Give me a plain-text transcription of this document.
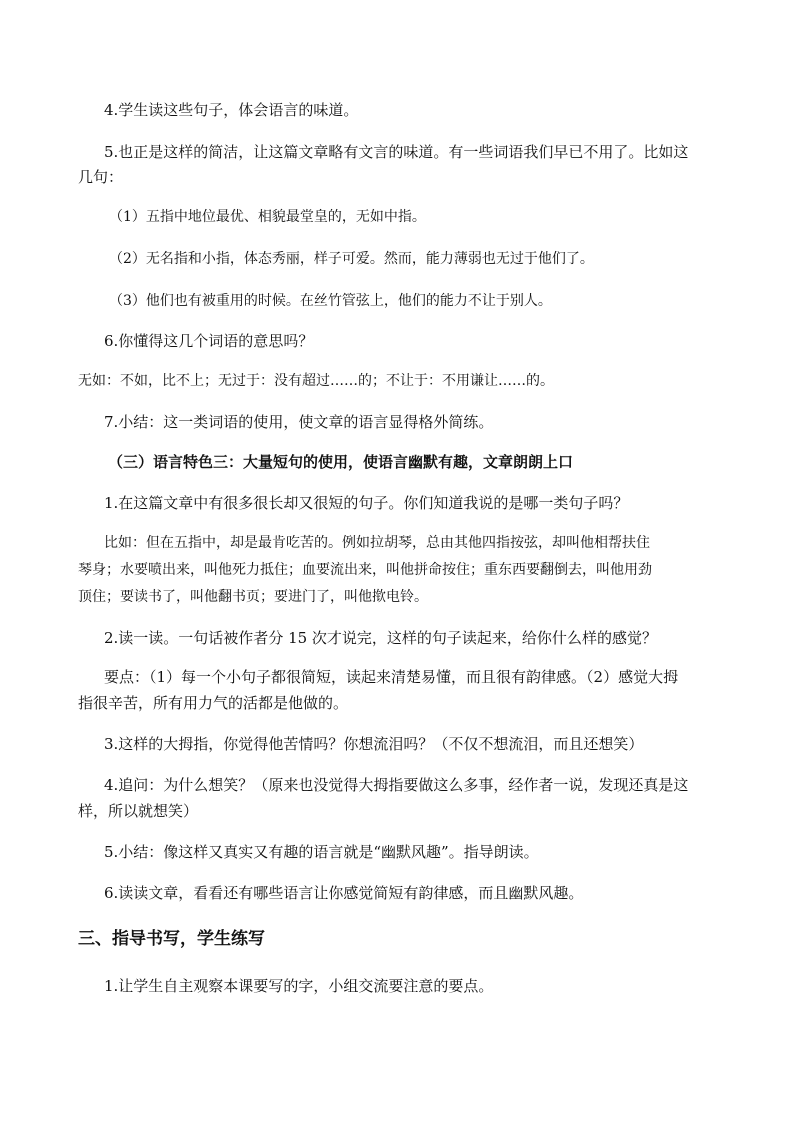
4.学生读这些句子，体会语言的味道。
5.也正是这样的简洁，让这篇文章略有文言的味道。有一些词语我们早已不用了。比如这
几句：
（1）五指中地位最优、相貌最堂皇的，无如中指。
（2）无名指和小指，体态秀丽，样子可爱。然而，能力薄弱也无过于他们了。
（3）他们也有被重用的时候。在丝竹管弦上，他们的能力不让于别人。
6.你懂得这几个词语的意思吗？
无如：不如，比不上；无过于：没有超过……的；不让于：不用谦让……的。
7.小结：这一类词语的使用，使文章的语言显得格外简练。
（三）语言特色三：大量短句的使用，使语言幽默有趣，文章朗朗上口
1.在这篇文章中有很多很长却又很短的句子。你们知道我说的是哪一类句子吗？
比如：但在五指中，却是最肯吃苦的。例如拉胡琴，总由其他四指按弦，却叫他相帮扶住
琴身；水要喷出来，叫他死力抵住；血要流出来，叫他拼命按住；重东西要翻倒去，叫他用劲
顶住；要读书了，叫他翻书页；要进门了，叫他揿电铃。
2.读一读。一句话被作者分 15 次才说完，这样的句子读起来，给你什么样的感觉？
要点：（1）每一个小句子都很简短，读起来清楚易懂，而且很有韵律感。（2）感觉大拇
指很辛苦，所有用力气的活都是他做的。
3.这样的大拇指，你觉得他苦情吗？你想流泪吗？（不仅不想流泪，而且还想笑）
4.追问：为什么想笑？（原来也没觉得大拇指要做这么多事，经作者一说，发现还真是这
样，所以就想笑）
5.小结：像这样又真实又有趣的语言就是“幽默风趣”。指导朗读。
6.读读文章，看看还有哪些语言让你感觉简短有韵律感，而且幽默风趣。
三、指导书写，学生练写
1.让学生自主观察本课要写的字，小组交流要注意的要点。
